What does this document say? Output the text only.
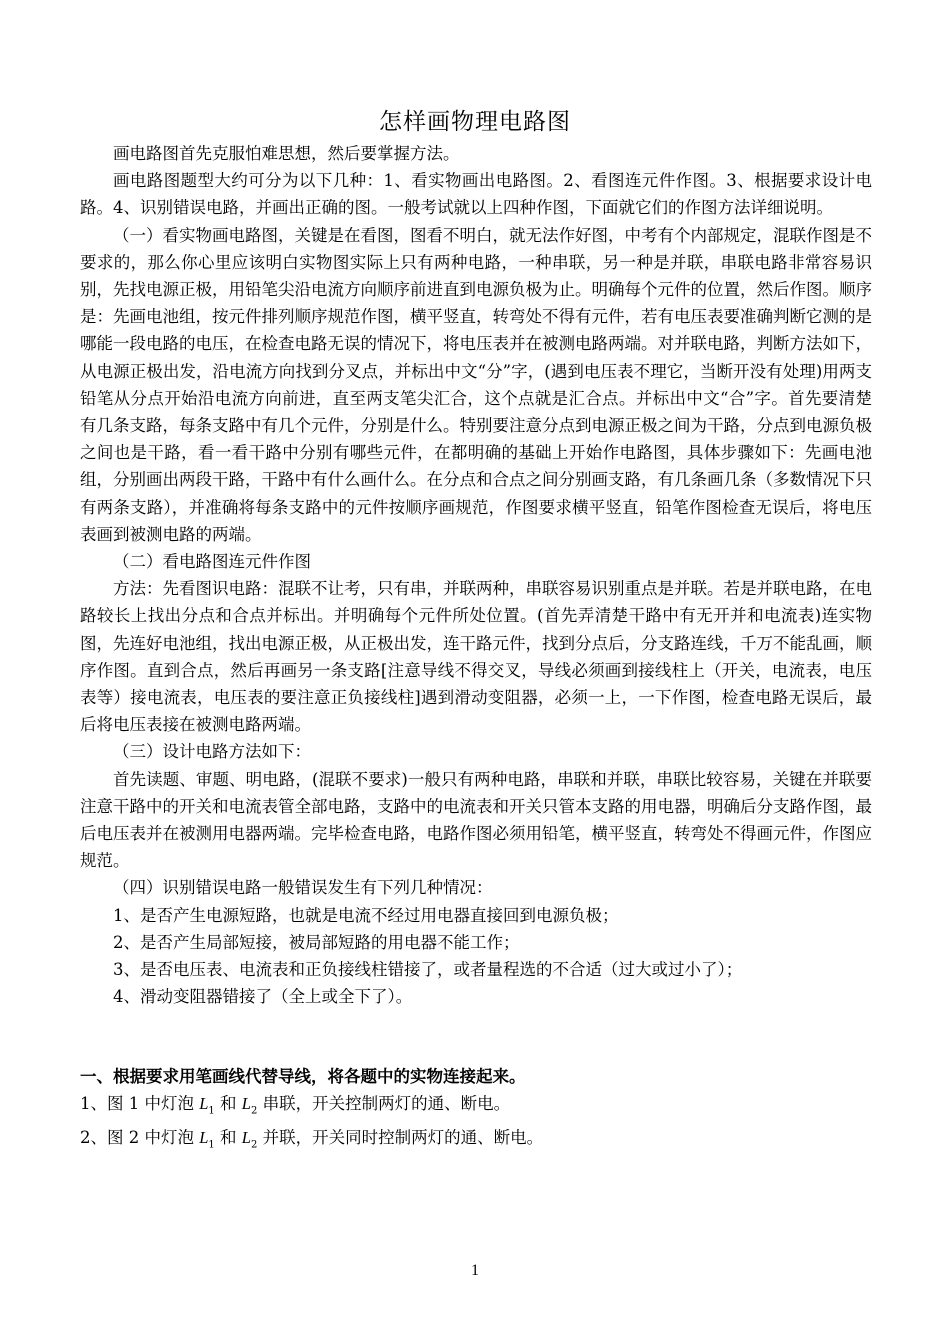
怎样画物理电路图

画电路图首先克服怕难思想，然后要掌握方法。

画电路图题型大约可分为以下几种：1、看实物画出电路图。2、看图连元件作图。3、根据要求设计电路。4、识别错误电路，并画出正确的图。一般考试就以上四种作图，下面就它们的作图方法详细说明。

（一）看实物画电路图，关键是在看图，图看不明白，就无法作好图，中考有个内部规定，混联作图是不要求的，那么你心里应该明白实物图实际上只有两种电路，一种串联，另一种是并联，串联电路非常容易识别，先找电源正极，用铅笔尖沿电流方向顺序前进直到电源负极为止。明确每个元件的位置，然后作图。顺序是：先画电池组，按元件排列顺序规范作图，横平竖直，转弯处不得有元件，若有电压表要准确判断它测的是哪能一段电路的电压，在检查电路无误的情况下，将电压表并在被测电路两端。对并联电路，判断方法如下，从电源正极出发，沿电流方向找到分叉点，并标出中文“分”字，(遇到电压表不理它，当断开没有处理)用两支铅笔从分点开始沿电流方向前进，直至两支笔尖汇合，这个点就是汇合点。并标出中文“合”字。首先要清楚有几条支路，每条支路中有几个元件，分别是什么。特别要注意分点到电源正极之间为干路，分点到电源负极之间也是干路，看一看干路中分别有哪些元件，在都明确的基础上开始作电路图，具体步骤如下：先画电池组，分别画出两段干路，干路中有什么画什么。在分点和合点之间分别画支路，有几条画几条（多数情况下只有两条支路），并准确将每条支路中的元件按顺序画规范，作图要求横平竖直，铅笔作图检查无误后，将电压表画到被测电路的两端。

（二）看电路图连元件作图

方法：先看图识电路：混联不让考，只有串，并联两种，串联容易识别重点是并联。若是并联电路，在电路较长上找出分点和合点并标出。并明确每个元件所处位置。(首先弄清楚干路中有无开并和电流表)连实物图，先连好电池组，找出电源正极，从正极出发，连干路元件，找到分点后，分支路连线，千万不能乱画，顺序作图。直到合点，然后再画另一条支路[注意导线不得交叉，导线必须画到接线柱上（开关，电流表，电压表等）接电流表，电压表的要注意正负接线柱]遇到滑动变阻器，必须一上，一下作图，检查电路无误后，最后将电压表接在被测电路两端。

（三）设计电路方法如下：

首先读题、审题、明电路，(混联不要求)一般只有两种电路，串联和并联，串联比较容易，关键在并联要注意干路中的开关和电流表管全部电路，支路中的电流表和开关只管本支路的用电器，明确后分支路作图，最后电压表并在被测用电器两端。完毕检查电路，电路作图必须用铅笔，横平竖直，转弯处不得画元件，作图应规范。

（四）识别错误电路一般错误发生有下列几种情况：

1、是否产生电源短路，也就是电流不经过用电器直接回到电源负极；

2、是否产生局部短接，被局部短路的用电器不能工作；

3、是否电压表、电流表和正负接线柱错接了，或者量程选的不合适（过大或过小了）；

4、滑动变阻器错接了（全上或全下了）。

一、根据要求用笔画线代替导线，将各题中的实物连接起来。

1、图 1 中灯泡 $L_1$ 和 $L_2$ 串联，开关控制两灯的通、断电。

2、图 2 中灯泡 $L_1$ 和 $L_2$ 并联，开关同时控制两灯的通、断电。

1
